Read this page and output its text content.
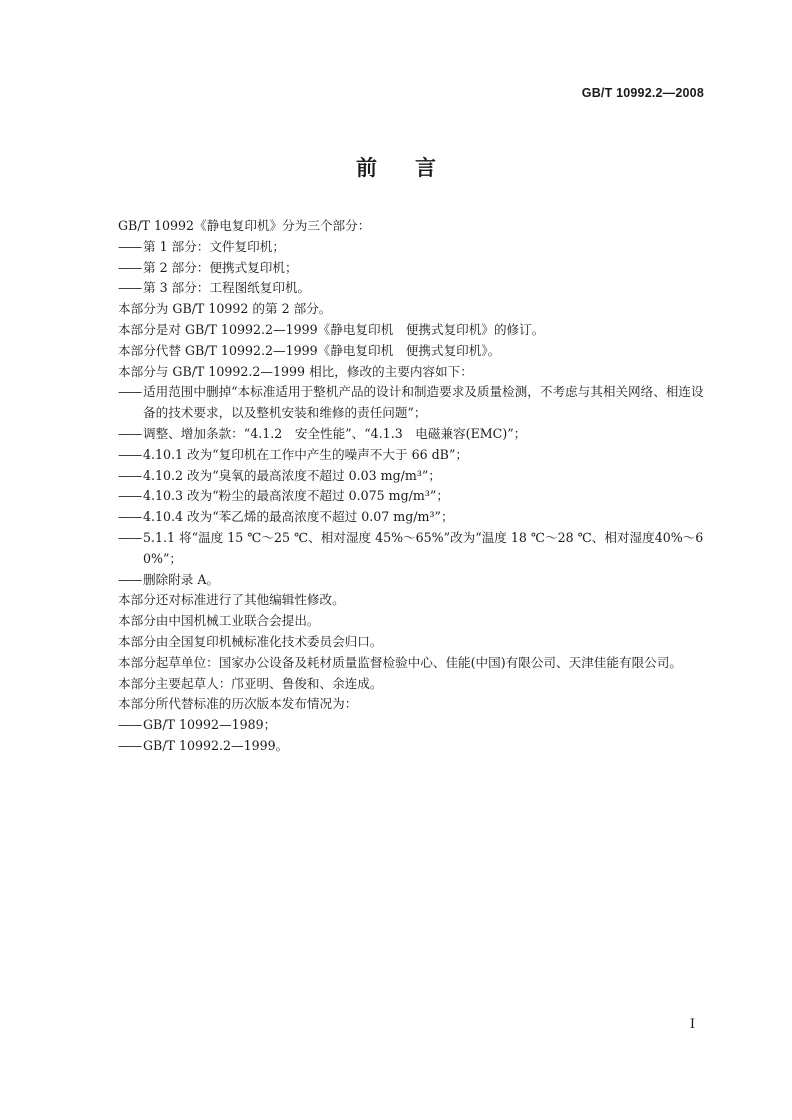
GB/T 10992.2—2008
前言
GB/T 10992《静电复印机》分为三个部分：
—— 第 1 部分：文件复印机；
—— 第 2 部分：便携式复印机；
—— 第 3 部分：工程图纸复印机。
本部分为 GB/T 10992 的第 2 部分。
本部分是对 GB/T 10992.2—1999《静电复印机　便携式复印机》的修订。
本部分代替 GB/T 10992.2—1999《静电复印机　便携式复印机》。
本部分与 GB/T 10992.2—1999 相比，修改的主要内容如下：
—— 适用范围中删掉“本标准适用于整机产品的设计和制造要求及质量检测，不考虑与其相关网络、相连设备的技术要求，以及整机安装和维修的责任问题”；
—— 调整、增加条款：“4.1.2　安全性能”、“4.1.3　电磁兼容(EMC)”；
—— 4.10.1 改为“复印机在工作中产生的噪声不大于 66 dB”；
—— 4.10.2 改为“臭氧的最高浓度不超过 0.03 mg/m³”；
—— 4.10.3 改为“粉尘的最高浓度不超过 0.075 mg/m³”；
—— 4.10.4 改为“苯乙烯的最高浓度不超过 0.07 mg/m³”；
—— 5.1.1 将“温度 15 ℃～25 ℃、相对湿度 45%～65%”改为“温度 18 ℃～28 ℃、相对湿度40%～60%”；
—— 删除附录 A。
本部分还对标准进行了其他编辑性修改。
本部分由中国机械工业联合会提出。
本部分由全国复印机械标准化技术委员会归口。
本部分起草单位：国家办公设备及耗材质量监督检验中心、佳能(中国)有限公司、天津佳能有限公司。
本部分主要起草人：邝亚明、鲁俊和、余连成。
本部分所代替标准的历次版本发布情况为：
—— GB/T 10992—1989；
—— GB/T 10992.2—1999。
I
